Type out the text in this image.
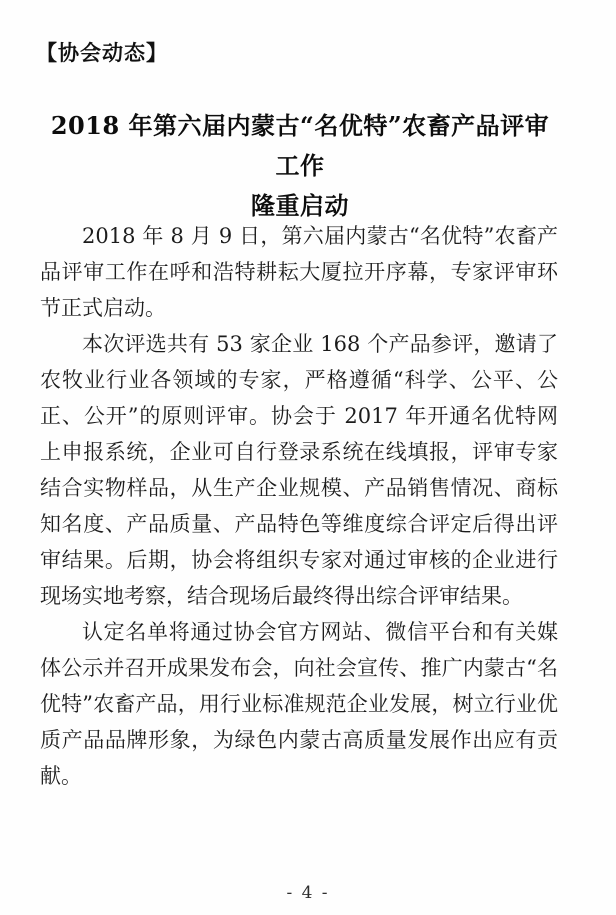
【协会动态】
2018 年第六届内蒙古“名优特”农畜产品评审工作
隆重启动

2018 年 8 月 9 日，第六届内蒙古“名优特”农畜产品评审工作在呼和浩特耕耘大厦拉开序幕，专家评审环节正式启动。

本次评选共有 53 家企业 168 个产品参评，邀请了农牧业行业各领域的专家，严格遵循“科学、公平、公正、公开”的原则评审。协会于 2017 年开通名优特网上申报系统，企业可自行登录系统在线填报，评审专家结合实物样品，从生产企业规模、产品销售情况、商标知名度、产品质量、产品特色等维度综合评定后得出评审结果。后期，协会将组织专家对通过审核的企业进行现场实地考察，结合现场后最终得出综合评审结果。

认定名单将通过协会官方网站、微信平台和有关媒体公示并召开成果发布会，向社会宣传、推广内蒙古“名优特”农畜产品，用行业标准规范企业发展，树立行业优质产品品牌形象，为绿色内蒙古高质量发展作出应有贡献。

- 4 -
